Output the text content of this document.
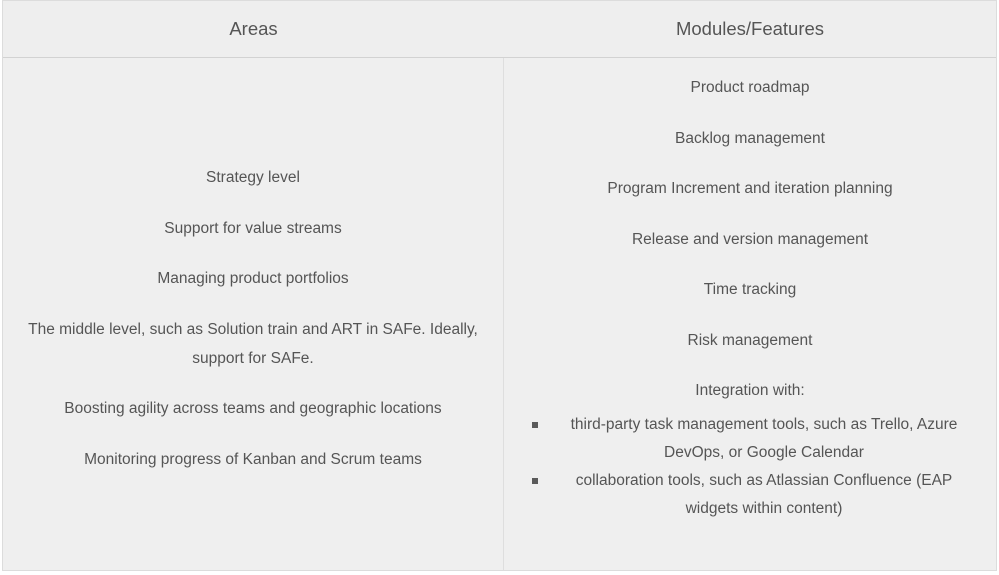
Areas	Modules/Features
Strategy level
Support for value streams
Managing product portfolios
The middle level, such as Solution train and ART in SAFe. Ideally, support for SAFe.
Boosting agility across teams and geographic locations
Monitoring progress of Kanban and Scrum teams
Product roadmap
Backlog management
Program Increment and iteration planning
Release and version management
Time tracking
Risk management
Integration with:
third-party task management tools, such as Trello, Azure DevOps, or Google Calendar
collaboration tools, such as Atlassian Confluence (EAP widgets within content)
